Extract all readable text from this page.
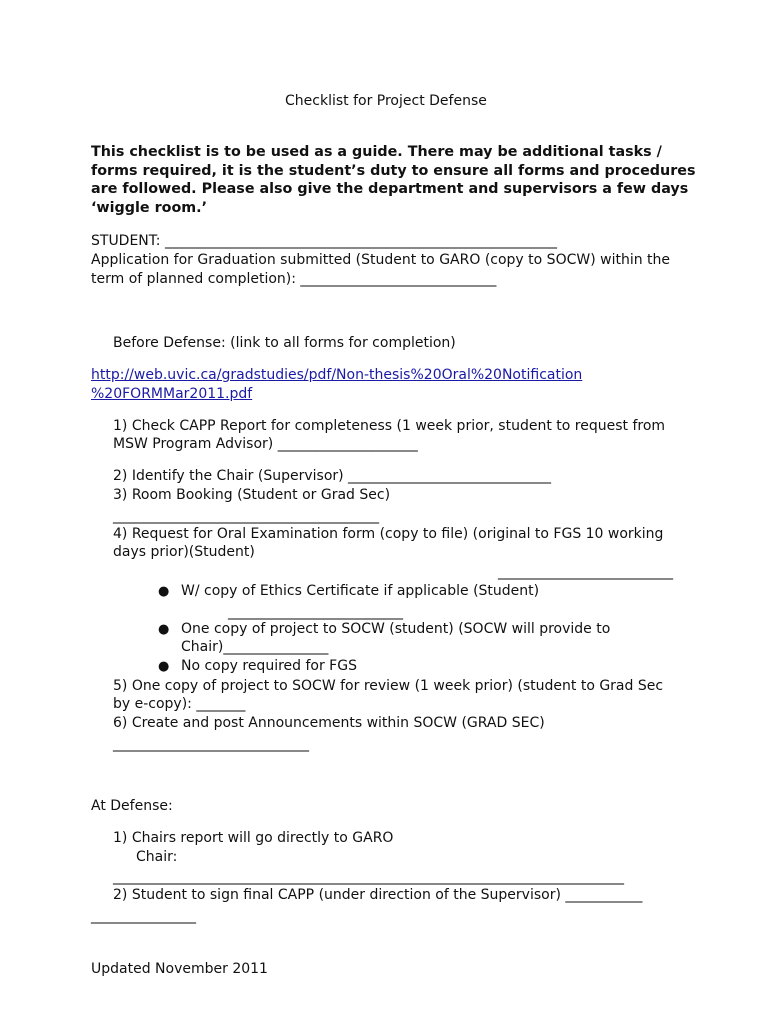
Checklist for Project Defense
This checklist is to be used as a guide. There may be additional tasks /
forms required, it is the student’s duty to ensure all forms and procedures
are followed. Please also give the department and supervisors a few days
‘wiggle room.’
STUDENT: ________________________________________________________
Application for Graduation submitted (Student to GARO (copy to SOCW) within the
term of planned completion): ____________________________
Before Defense: (link to all forms for completion)
http://web.uvic.ca/gradstudies/pdf/Non-thesis%20Oral%20Notification
%20FORMMar2011.pdf
1) Check CAPP Report for completeness (1 week prior, student to request from
MSW Program Advisor) ____________________
2) Identify the Chair (Supervisor) _____________________________
3) Room Booking (Student or Grad Sec)
______________________________________
4) Request for Oral Examination form (copy to file) (original to FGS 10 working
days prior)(Student)
_________________________
● W/ copy of Ethics Certificate if applicable (Student)
_________________________
● One copy of project to SOCW (student) (SOCW will provide to
Chair)_______________
● No copy required for FGS
5) One copy of project to SOCW for review (1 week prior) (student to Grad Sec
by e-copy): _______
6) Create and post Announcements within SOCW (GRAD SEC)
____________________________
At Defense:
1) Chairs report will go directly to GARO
Chair:
_________________________________________________________________________
2) Student to sign final CAPP (under direction of the Supervisor) ___________
_______________
Updated November 2011
